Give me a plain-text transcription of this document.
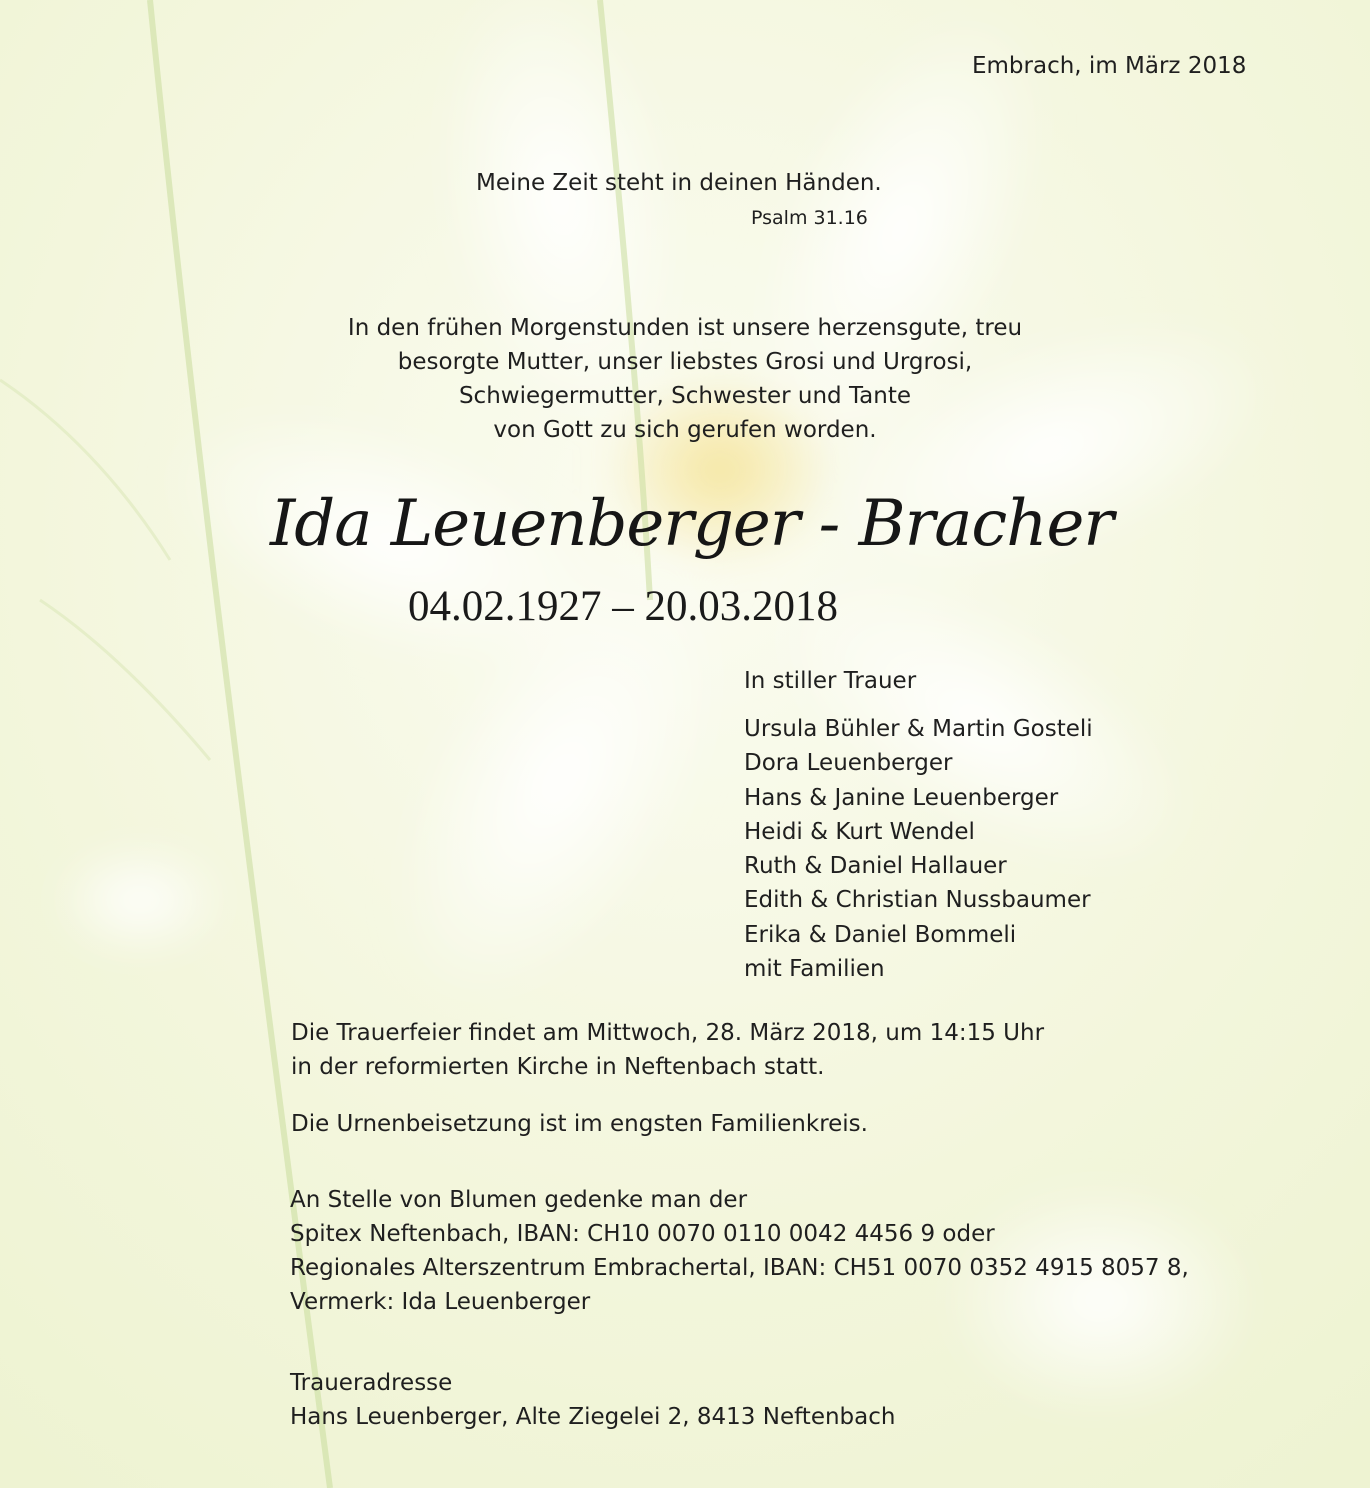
Embrach, im März 2018
Meine Zeit steht in deinen Händen.
Psalm 31.16
In den frühen Morgenstunden ist unsere herzensgute, treu
besorgte Mutter, unser liebstes Grosi und Urgrosi,
Schwiegermutter, Schwester und Tante
von Gott zu sich gerufen worden.
Ida Leuenberger - Bracher
04.02.1927 – 20.03.2018
In stiller Trauer
Ursula Bühler & Martin Gosteli
Dora Leuenberger
Hans & Janine Leuenberger
Heidi & Kurt Wendel
Ruth & Daniel Hallauer
Edith & Christian Nussbaumer
Erika & Daniel Bommeli
mit Familien
Die Trauerfeier findet am Mittwoch, 28. März 2018, um 14:15 Uhr
in der reformierten Kirche in Neftenbach statt.
Die Urnenbeisetzung ist im engsten Familienkreis.
An Stelle von Blumen gedenke man der
Spitex Neftenbach, IBAN: CH10 0070 0110 0042 4456 9 oder
Regionales Alterszentrum Embrachertal, IBAN: CH51 0070 0352 4915 8057 8,
Vermerk: Ida Leuenberger
Traueradresse
Hans Leuenberger, Alte Ziegelei 2, 8413 Neftenbach
